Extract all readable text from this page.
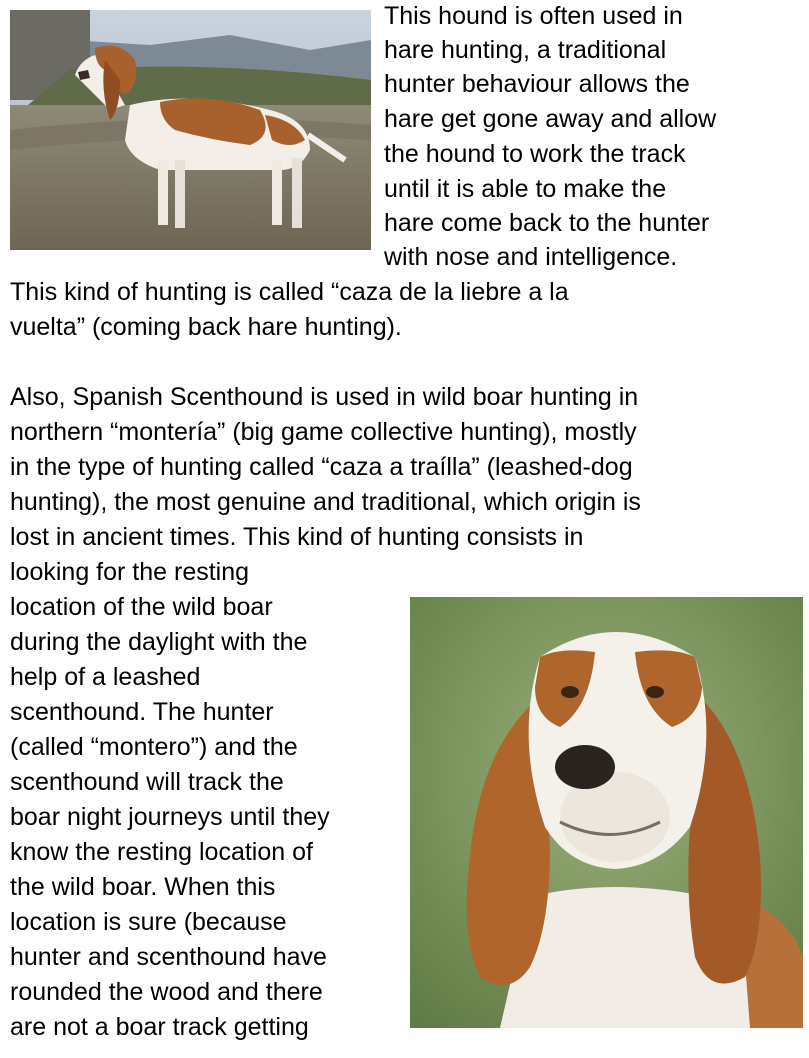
This hound is often used in

hare hunting, a traditional

hunter behaviour allows the

hare get gone away and allow

the hound to work the track

until it is able to make the

hare come back to the hunter

with nose and intelligence.

This kind of hunting is called “caza de la liebre a la

vuelta” (coming back hare hunting).

Also, Spanish Scenthound is used in wild boar hunting in

northern “montería” (big game collective hunting), mostly

in the type of hunting called “caza a traílla” (leashed-dog

hunting), the most genuine and traditional, which origin is

lost in ancient times. This kind of hunting consists in

looking for the resting

location of the wild boar

during the daylight with the

help of a leashed

scenthound. The hunter

(called “montero”) and the

scenthound will track the

boar night journeys until they

know the resting location of

the wild boar. When this

location is sure (because

hunter and scenthound have

rounded the wood and there

are not a boar track getting
